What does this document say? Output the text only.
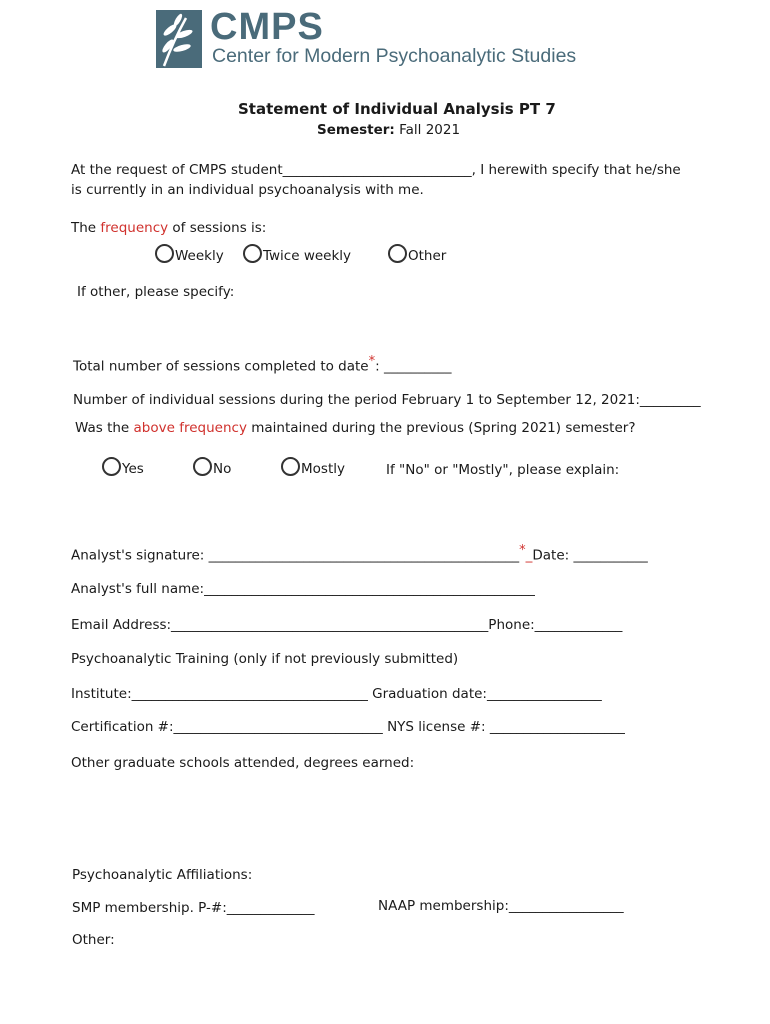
CMPS
Center for Modern Psychoanalytic Studies
Statement of Individual Analysis PT 7
Semester: Fall 2021
At the request of CMPS student____________________________, I herewith specify that he/she
is currently in an individual psychoanalysis with me.
The frequency of sessions is:
Weekly	Twice weekly	Other
If other, please specify:
Total number of sessions completed to date*: __________
Number of individual sessions during the period February 1 to September 12, 2021:_________
Was the above frequency maintained during the previous (Spring 2021) semester?
Yes	No	Mostly	If "No" or "Mostly", please explain:
Analyst's signature: ______________________________________________*_Date: ___________
Analyst's full name:_________________________________________________
Email Address:_______________________________________________Phone:_____________
Psychoanalytic Training (only if not previously submitted)
Institute:___________________________________ Graduation date:_________________
Certification #:_______________________________ NYS license #: ____________________
Other graduate schools attended, degrees earned:
Psychoanalytic Affiliations:
SMP membership. P-#:_____________	NAAP membership:_________________
Other:
